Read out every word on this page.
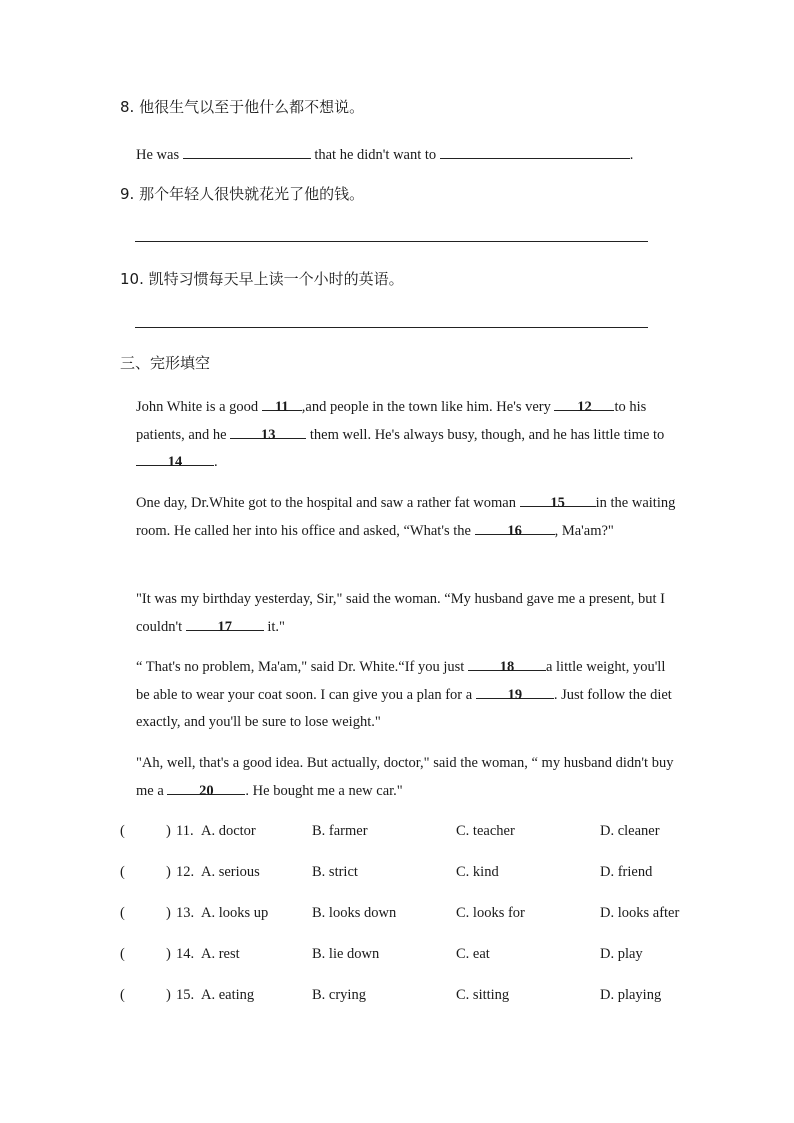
8. 他很生气以至于他什么都不想说。
He was	that he didn't want to	.
9. 那个年轻人很快就花光了他的钱。
10. 凯特习惯每天早上读一个小时的英语。
三、完形填空

John White is a good 11 ,and people in the town like him. He's very 12 to his patients, and he 13 them well. He's always busy, though, and he has little time to 14 .

One day, Dr.White got to the hospital and saw a rather fat woman 15 in the waiting room. He called her into his office and asked, “What's the	16 , Ma'am?"

"It was my birthday yesterday, Sir," said the woman. “My husband gave me a present, but I couldn't 17 it."

“ That's no problem, Ma'am," said Dr. White.“If you just 18 a little weight, you'll be able to wear your coat soon. I can give you a plan for a 19 . Just follow the diet exactly, and you'll be sure to lose weight."

"Ah, well, that's a good idea. But actually, doctor," said the woman, “ my husband didn't buy me a 20 . He bought me a new car."

(	) 11. A. doctor	B. farmer	C. teacher	D. cleaner
(	) 12. A. serious	B. strict	C. kind	D. friend
(	) 13. A. looks up	B. looks down	C. looks for	D. looks after
(	) 14. A. rest	B. lie down	C. eat	D. play
(	) 15. A. eating	B. crying	C. sitting	D. playing
